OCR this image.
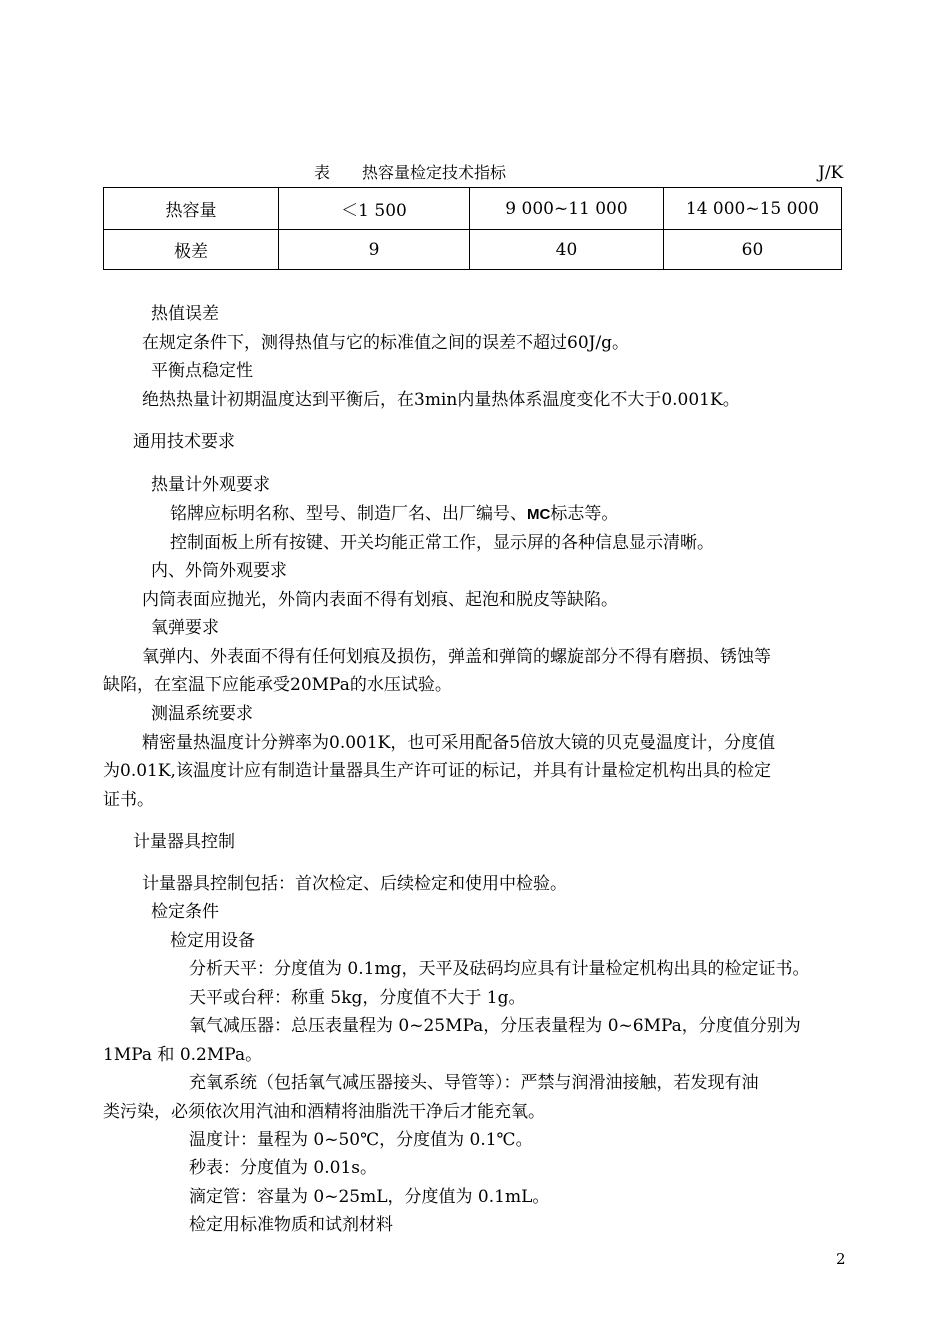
表 热容量检定技术指标	J/K
热容量	＜1 500	9 000~11 000	14 000~15 000
极差	9	40	60
热值误差
在规定条件下，测得热值与它的标准值之间的误差不超过60J/g。
平衡点稳定性
绝热热量计初期温度达到平衡后，在3min内量热体系温度变化不大于0.001K。
通用技术要求
热量计外观要求
铭牌应标明名称、型号、制造厂名、出厂编号、MC标志等。
控制面板上所有按键、开关均能正常工作，显示屏的各种信息显示清晰。
内、外筒外观要求
内筒表面应抛光，外筒内表面不得有划痕、起泡和脱皮等缺陷。
氧弹要求
氧弹内、外表面不得有任何划痕及损伤，弹盖和弹筒的螺旋部分不得有磨损、锈蚀等
缺陷，在室温下应能承受20MPa的水压试验。
测温系统要求
精密量热温度计分辨率为0.001K，也可采用配备5倍放大镜的贝克曼温度计，分度值
为0.01K,该温度计应有制造计量器具生产许可证的标记，并具有计量检定机构出具的检定
证书。
计量器具控制
计量器具控制包括：首次检定、后续检定和使用中检验。
检定条件
检定用设备
分析天平：分度值为 0.1mg，天平及砝码均应具有计量检定机构出具的检定证书。
天平或台秤：称重 5kg，分度值不大于 1g。
氧气减压器：总压表量程为 0~25MPa，分压表量程为 0~6MPa，分度值分别为
1MPa 和 0.2MPa。
充氧系统（包括氧气减压器接头、导管等）：严禁与润滑油接触，若发现有油
类污染，必须依次用汽油和酒精将油脂洗干净后才能充氧。
温度计：量程为 0~50℃，分度值为 0.1℃。
秒表：分度值为 0.01s。
滴定管：容量为 0~25mL，分度值为 0.1mL。
检定用标准物质和试剂材料
2
